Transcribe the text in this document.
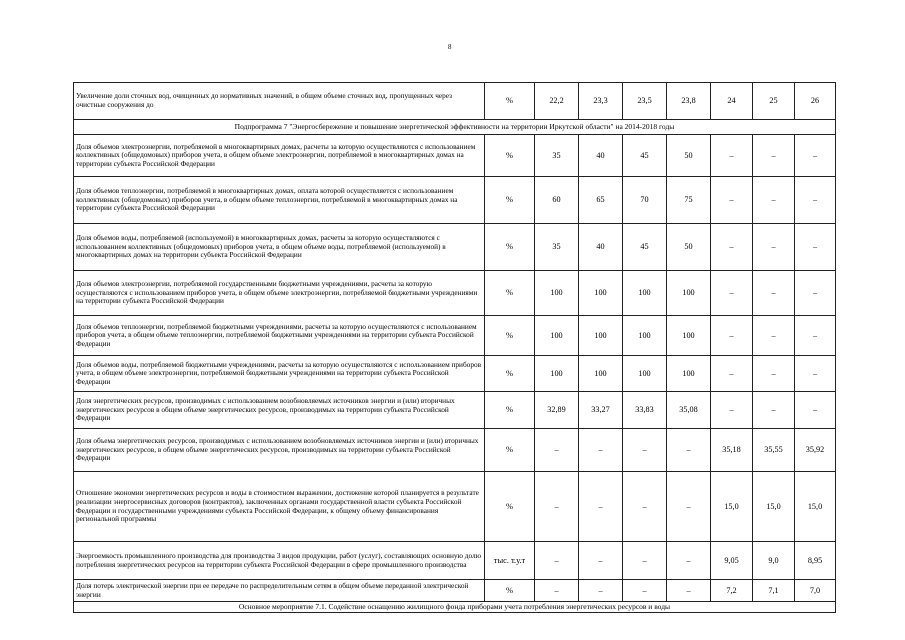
8
Увеличение доли сточных вод, очищенных до нормативных значений, в общем объеме сточных вод, пропущенных через очистные сооружения до	%	22,2	23,3	23,5	23,8	24	25	26
Подпрограмма 7 "Энергосбережение и повышение энергетической эффективности на территории Иркутской области" на 2014-2018 годы								
Доля объемов электроэнергии, потребляемой в многоквартирных домах, расчеты за которую осуществляются с использованием коллективных (общедомовых) приборов учета, в общем объеме электроэнергии, потребляемой в многоквартирных домах на территории субъекта Российской Федерации	%	35	40	45	50	–	–	–
Доля объемов теплоэнергии, потребляемой в многоквартирных домах, оплата которой осуществляется с использованием коллективных (общедомовых) приборов учета, в общем объеме теплоэнергии, потребляемой в многоквартирных домах на территории субъекта Российской Федерации	%	60	65	70	75	–	–	–
Доля объемов воды, потребляемой (используемой) в многоквартирных домах, расчеты за которую осуществляются с использованием коллективных (общедомовых) приборов учета, в общем объеме воды, потребляемой (используемой) в многоквартирных домах на территории субъекта Российской Федерации	%	35	40	45	50	–	–	–
Доля объемов электроэнергии, потребляемой государственными бюджетными учреждениями, расчеты за которую осуществляются с использованием приборов учета, в общем объеме электроэнергии, потребляемой бюджетными учреждениями на территории субъекта Российской Федерации	%	100	100	100	100	–	–	–
Доля объемов теплоэнергии, потребляемой бюджетными учреждениями, расчеты за которую осуществляются с использованием приборов учета, в общем объеме теплоэнергии, потребляемой бюджетными учреждениями на территории субъекта Российской Федерации	%	100	100	100	100	–	–	–
Доля объемов воды, потребляемой бюджетными учреждениями, расчеты за которую осуществляются с использованием приборов учета, в общем объеме электроэнергии, потребляемой бюджетными учреждениями на территории субъекта Российской Федерации	%	100	100	100	100	–	–	–
Доля энергетических ресурсов, производимых с использованием возобновляемых источников энергии и (или) вторичных энергетических ресурсов в общем объеме энергетических ресурсов, производимых на территории субъекта Российской Федерации	%	32,89	33,27	33,83	35,08	–	–	–
Доля объема энергетических ресурсов, производимых с использованием возобновляемых источников энергии и (или) вторичных энергетических ресурсов, в общем объеме энергетических ресурсов, производимых на территории субъекта Российской Федерации	%	–	–	–	–	35,18	35,55	35,92
Отношение экономии энергетических ресурсов и воды в стоимостном выражении, достижение которой планируется в результате реализации энергосервисных договоров (контрактов), заключенных органами государственной власти субъекта Российской Федерации и государственными учреждениями субъекта Российской Федерации, к общему объему финансирования региональной программы	%	–	–	–	–	15,0	15,0	15,0
Энергоемкость промышленного производства для производства 3 видов продукции, работ (услуг), составляющих основную долю потребления энергетических ресурсов на территории субъекта Российской Федерации в сфере промышленного производства	тыс. т.у.т	–	–	–	–	9,05	9,0	8,95
Доля потерь электрической энергии при ее передаче по распределительным сетям в общем объеме переданной электрической энергии	%	–	–	–	–	7,2	7,1	7,0
Основное мероприятие 7.1. Содействие оснащению жилищного фонда приборами учета потребления энергетических ресурсов и воды								
